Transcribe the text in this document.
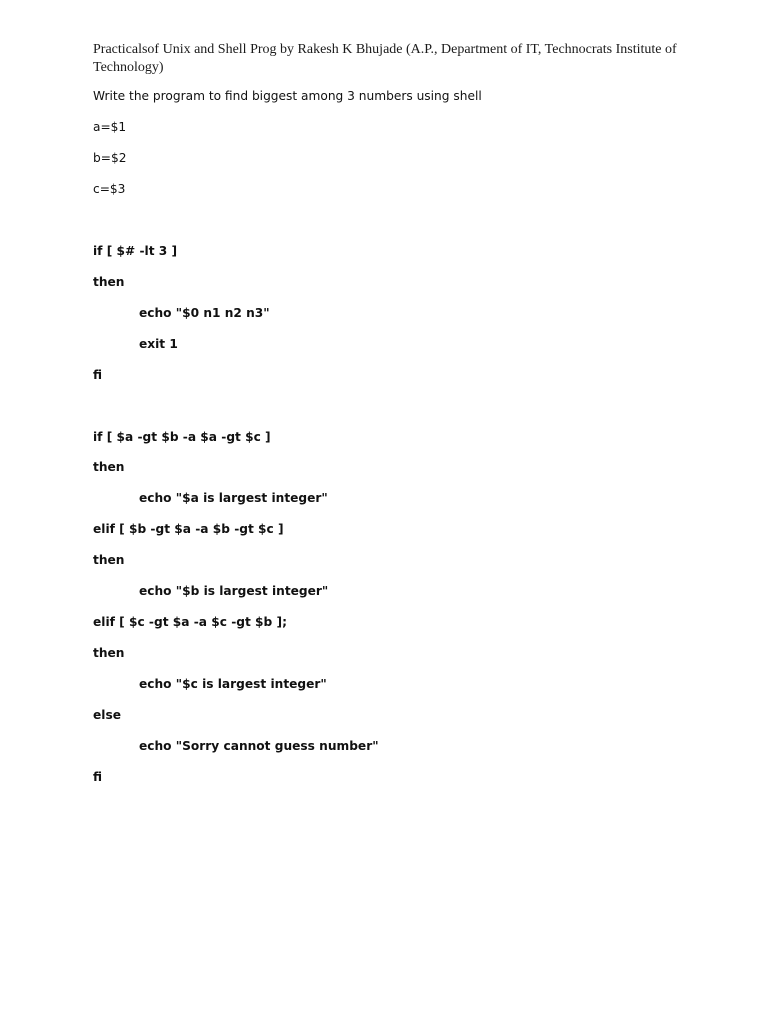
Practicalsof Unix and Shell Prog by Rakesh K Bhujade (A.P., Department of IT, Technocrats Institute of Technology)
Write the program to find biggest among 3 numbers using shell
a=$1
b=$2
c=$3
if [ $# -lt 3 ]
then
echo "$0 n1 n2 n3"
exit 1
fi
if [ $a -gt $b -a $a -gt $c ]
then
echo "$a is largest integer"
elif [ $b -gt $a -a $b -gt $c ]
then
echo "$b is largest integer"
elif [ $c -gt $a -a $c -gt $b ];
then
echo "$c is largest integer"
else
echo "Sorry cannot guess number"
fi
